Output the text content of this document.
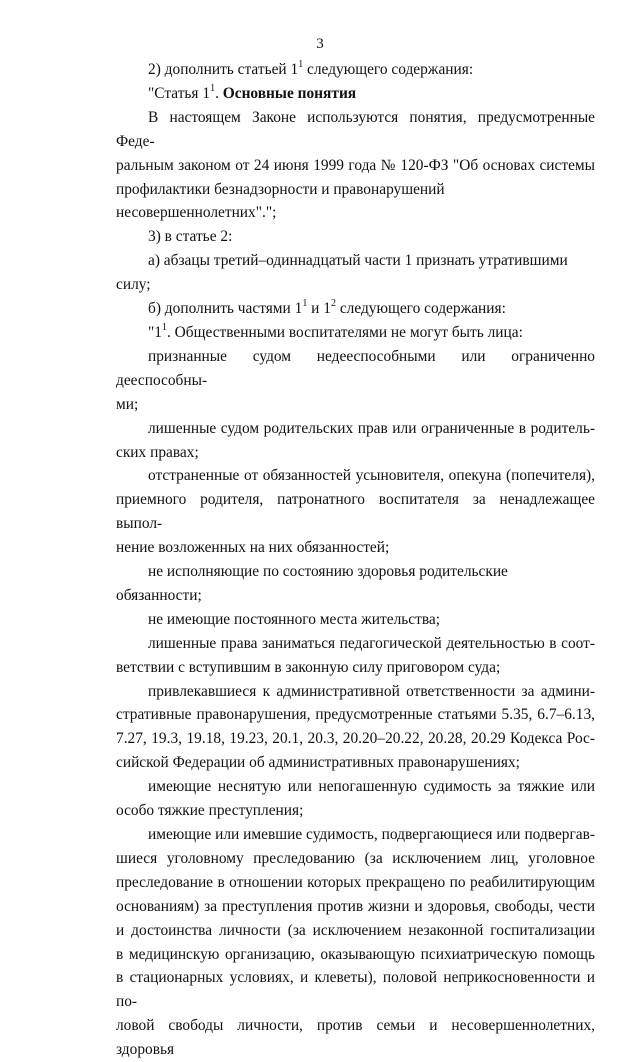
3
2) дополнить статьей $1^1$ следующего содержания:
"Статья $1^1$. Основные понятия
В настоящем Законе используются понятия, предусмотренные Феде-
ральным законом от 24 июня 1999 года № 120-ФЗ "Об основах системы
профилактики безнадзорности и правонарушений несовершеннолетних".";
3) в статье 2:
а) абзацы третий–одиннадцатый части 1 признать утратившими силу;
б) дополнить частями $1^1$ и $1^2$ следующего содержания:
"$1^1$. Общественными воспитателями не могут быть лица:
признанные судом недееспособными или ограниченно дееспособны-
ми;
лишенные судом родительских прав или ограниченные в родитель-
ских правах;
отстраненные от обязанностей усыновителя, опекуна (попечителя),
приемного родителя, патронатного воспитателя за ненадлежащее выпол-
нение возложенных на них обязанностей;
не исполняющие по состоянию здоровья родительские обязанности;
не имеющие постоянного места жительства;
лишенные права заниматься педагогической деятельностью в соот-
ветствии с вступившим в законную силу приговором суда;
привлекавшиеся к административной ответственности за админи-
стративные правонарушения, предусмотренные статьями 5.35, 6.7–6.13,
7.27, 19.3, 19.18, 19.23, 20.1, 20.3, 20.20–20.22, 20.28, 20.29 Кодекса Рос-
сийской Федерации об административных правонарушениях;
имеющие неснятую или непогашенную судимость за тяжкие или
особо тяжкие преступления;
имеющие или имевшие судимость, подвергающиеся или подвергав-
шиеся уголовному преследованию (за исключением лиц, уголовное
преследование в отношении которых прекращено по реабилитирующим
основаниям) за преступления против жизни и здоровья, свободы, чести
и достоинства личности (за исключением незаконной госпитализации
в медицинскую организацию, оказывающую психиатрическую помощь
в стационарных условиях, и клеветы), половой неприкосновенности и по-
ловой свободы личности, против семьи и несовершеннолетних, здоровья
